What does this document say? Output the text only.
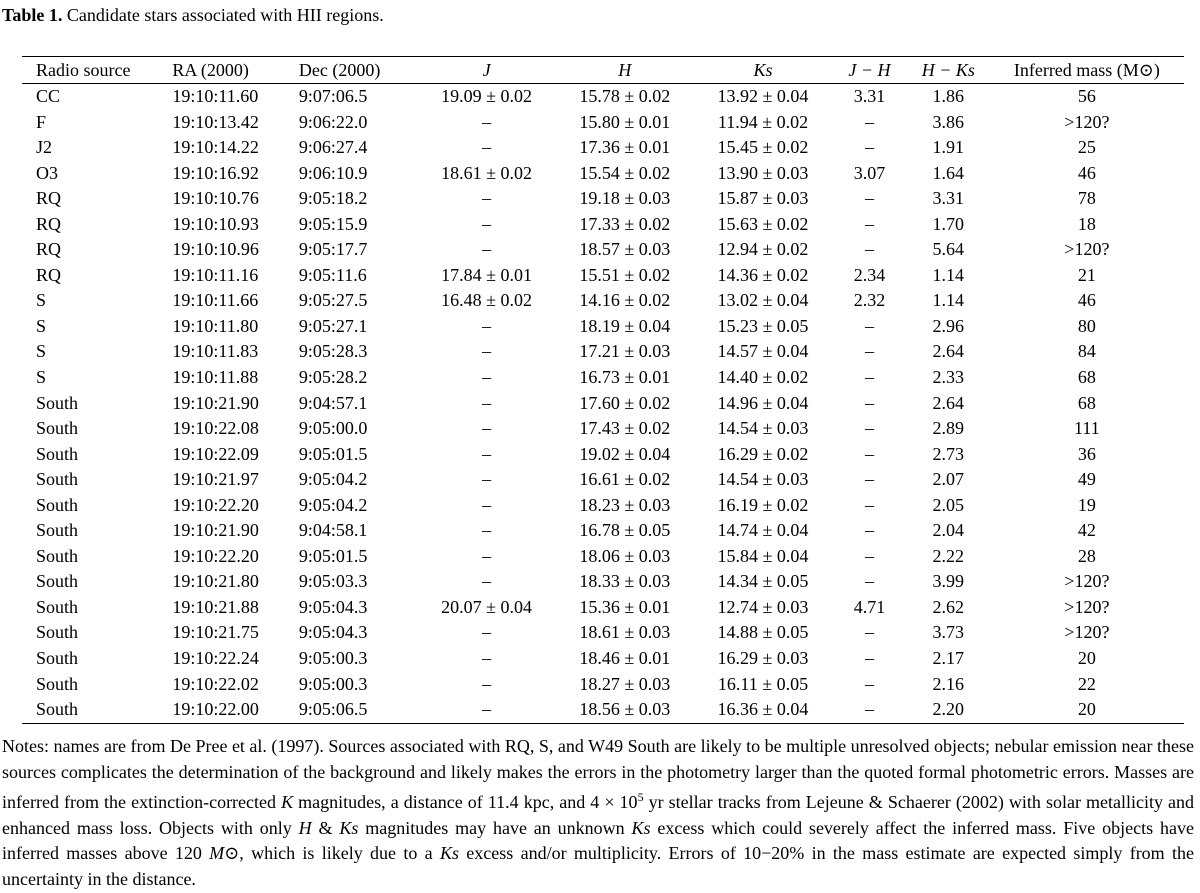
Table 1. Candidate stars associated with HII regions.
Radio source	RA (2000)	Dec (2000)	J	H	Ks	J − H	H − Ks	Inferred mass (M⊙)
CC	19:10:11.60	9:07:06.5	19.09 ± 0.02	15.78 ± 0.02	13.92 ± 0.04	3.31	1.86	56
F	19:10:13.42	9:06:22.0	–	15.80 ± 0.01	11.94 ± 0.02	–	3.86	>120?
J2	19:10:14.22	9:06:27.4	–	17.36 ± 0.01	15.45 ± 0.02	–	1.91	25
O3	19:10:16.92	9:06:10.9	18.61 ± 0.02	15.54 ± 0.02	13.90 ± 0.03	3.07	1.64	46
RQ	19:10:10.76	9:05:18.2	–	19.18 ± 0.03	15.87 ± 0.03	–	3.31	78
RQ	19:10:10.93	9:05:15.9	–	17.33 ± 0.02	15.63 ± 0.02	–	1.70	18
RQ	19:10:10.96	9:05:17.7	–	18.57 ± 0.03	12.94 ± 0.02	–	5.64	>120?
RQ	19:10:11.16	9:05:11.6	17.84 ± 0.01	15.51 ± 0.02	14.36 ± 0.02	2.34	1.14	21
S	19:10:11.66	9:05:27.5	16.48 ± 0.02	14.16 ± 0.02	13.02 ± 0.04	2.32	1.14	46
S	19:10:11.80	9:05:27.1	–	18.19 ± 0.04	15.23 ± 0.05	–	2.96	80
S	19:10:11.83	9:05:28.3	–	17.21 ± 0.03	14.57 ± 0.04	–	2.64	84
S	19:10:11.88	9:05:28.2	–	16.73 ± 0.01	14.40 ± 0.02	–	2.33	68
South	19:10:21.90	9:04:57.1	–	17.60 ± 0.02	14.96 ± 0.04	–	2.64	68
South	19:10:22.08	9:05:00.0	–	17.43 ± 0.02	14.54 ± 0.03	–	2.89	111
South	19:10:22.09	9:05:01.5	–	19.02 ± 0.04	16.29 ± 0.02	–	2.73	36
South	19:10:21.97	9:05:04.2	–	16.61 ± 0.02	14.54 ± 0.03	–	2.07	49
South	19:10:22.20	9:05:04.2	–	18.23 ± 0.03	16.19 ± 0.02	–	2.05	19
South	19:10:21.90	9:04:58.1	–	16.78 ± 0.05	14.74 ± 0.04	–	2.04	42
South	19:10:22.20	9:05:01.5	–	18.06 ± 0.03	15.84 ± 0.04	–	2.22	28
South	19:10:21.80	9:05:03.3	–	18.33 ± 0.03	14.34 ± 0.05	–	3.99	>120?
South	19:10:21.88	9:05:04.3	20.07 ± 0.04	15.36 ± 0.01	12.74 ± 0.03	4.71	2.62	>120?
South	19:10:21.75	9:05:04.3	–	18.61 ± 0.03	14.88 ± 0.05	–	3.73	>120?
South	19:10:22.24	9:05:00.3	–	18.46 ± 0.01	16.29 ± 0.03	–	2.17	20
South	19:10:22.02	9:05:00.3	–	18.27 ± 0.03	16.11 ± 0.05	–	2.16	22
South	19:10:22.00	9:05:06.5	–	18.56 ± 0.03	16.36 ± 0.04	–	2.20	20
Notes: names are from De Pree et al. (1997). Sources associated with RQ, S, and W49 South are likely to be multiple unresolved objects; nebular emission near these sources complicates the determination of the background and likely makes the errors in the photometry larger than the quoted formal photometric errors. Masses are inferred from the extinction-corrected K magnitudes, a distance of 11.4 kpc, and $4 \times 10^5$ yr stellar tracks from Lejeune & Schaerer (2002) with solar metallicity and enhanced mass loss. Objects with only H & Ks magnitudes may have an unknown Ks excess which could severely affect the inferred mass. Five objects have inferred masses above 120 M⊙, which is likely due to a Ks excess and/or multiplicity. Errors of 10−20% in the mass estimate are expected simply from the uncertainty in the distance.
